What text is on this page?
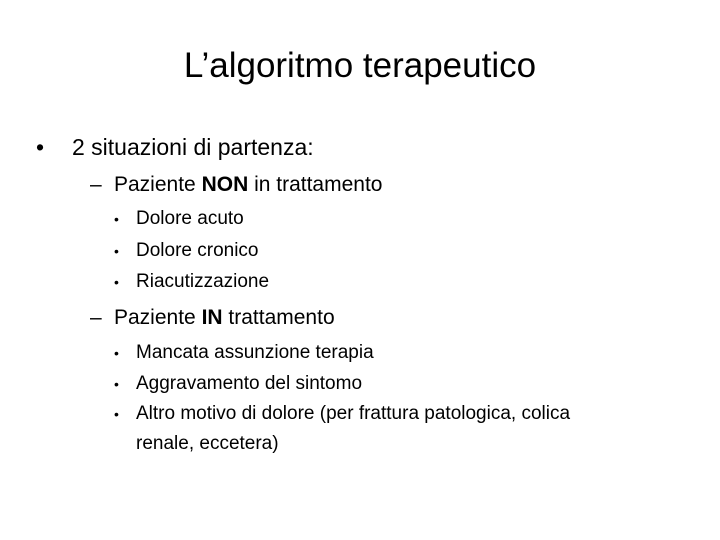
L’algoritmo terapeutico
• 2 situazioni di partenza:
– Paziente NON in trattamento
• Dolore acuto
• Dolore cronico
• Riacutizzazione
– Paziente IN trattamento
• Mancata assunzione terapia
• Aggravamento del sintomo
• Altro motivo di dolore (per frattura patologica, colica
renale, eccetera)
